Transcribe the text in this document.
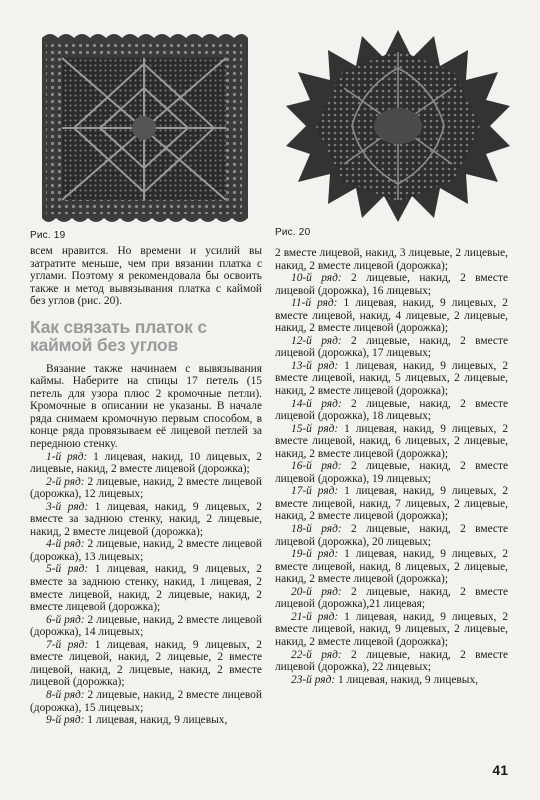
Рис. 19	Рис. 20

всем нравится. Но времени и усилий вы затратите меньше, чем при вязании платка с углами. Поэтому я рекомендовала бы освоить также и метод вывязывания платка с каймой без углов (рис. 20).

Как связать платок с каймой без углов

Вязание также начинаем с вывязывания каймы. Наберите на спицы 17 петель (15 петель для узора плюс 2 кромочные петли). Кромочные в описании не указаны. В начале ряда снимаем кромочную первым способом, в конце ряда провязываем её лицевой петлей за переднюю стенку.

1-й ряд: 1 лицевая, накид, 10 лицевых, 2 лицевые, накид, 2 вместе лицевой (дорожка);

2-й ряд: 2 лицевые, накид, 2 вместе лицевой (дорожка), 12 лицевых;

3-й ряд: 1 лицевая, накид, 9 лицевых, 2 вместе за заднюю стенку, накид, 2 лицевые, накид, 2 вместе лицевой (дорожка);

4-й ряд: 2 лицевые, накид, 2 вместе лицевой (дорожка), 13 лицевых;

5-й ряд: 1 лицевая, накид, 9 лицевых, 2 вместе за заднюю стенку, накид, 1 лицевая, 2 вместе лицевой, накид, 2 лицевые, накид, 2 вместе лицевой (дорожка);

6-й ряд: 2 лицевые, накид, 2 вместе лицевой (дорожка), 14 лицевых;

7-й ряд: 1 лицевая, накид, 9 лицевых, 2 вместе лицевой, накид, 2 лицевые, 2 вместе лицевой, накид, 2 лицевые, накид, 2 вместе лицевой (дорожка);

8-й ряд: 2 лицевые, накид, 2 вместе лицевой (дорожка), 15 лицевых;

9-й ряд: 1 лицевая, накид, 9 лицевых,

2 вместе лицевой, накид, 3 лицевые, 2 лицевые, накид, 2 вместе лицевой (дорожка);

10-й ряд: 2 лицевые, накид, 2 вместе лицевой (дорожка), 16 лицевых;

11-й ряд: 1 лицевая, накид, 9 лицевых, 2 вместе лицевой, накид, 4 лицевые, 2 лицевые, накид, 2 вместе лицевой (дорожка);

12-й ряд: 2 лицевые, накид, 2 вместе лицевой (дорожка), 17 лицевых;

13-й ряд: 1 лицевая, накид, 9 лицевых, 2 вместе лицевой, накид, 5 лицевых, 2 лицевые, накид, 2 вместе лицевой (дорожка);

14-й ряд: 2 лицевые, накид, 2 вместе лицевой (дорожка), 18 лицевых;

15-й ряд: 1 лицевая, накид, 9 лицевых, 2 вместе лицевой, накид, 6 лицевых, 2 лицевые, накид, 2 вместе лицевой (дорожка);

16-й ряд: 2 лицевые, накид, 2 вместе лицевой (дорожка), 19 лицевых;

17-й ряд: 1 лицевая, накид, 9 лицевых, 2 вместе лицевой, накид, 7 лицевых, 2 лицевые, накид, 2 вместе лицевой (дорожка);

18-й ряд: 2 лицевые, накид, 2 вместе лицевой (дорожка), 20 лицевых;

19-й ряд: 1 лицевая, накид, 9 лицевых, 2 вместе лицевой, накид, 8 лицевых, 2 лицевые, накид, 2 вместе лицевой (дорожка);

20-й ряд: 2 лицевые, накид, 2 вместе лицевой (дорожка),21 лицевая;

21-й ряд: 1 лицевая, накид, 9 лицевых, 2 вместе лицевой, накид, 9 лицевых, 2 лицевые, накид, 2 вместе лицевой (дорожка);

22-й ряд: 2 лицевые, накид, 2 вместе лицевой (дорожка), 22 лицевых;

23-й ряд: 1 лицевая, накид, 9 лицевых,

41
